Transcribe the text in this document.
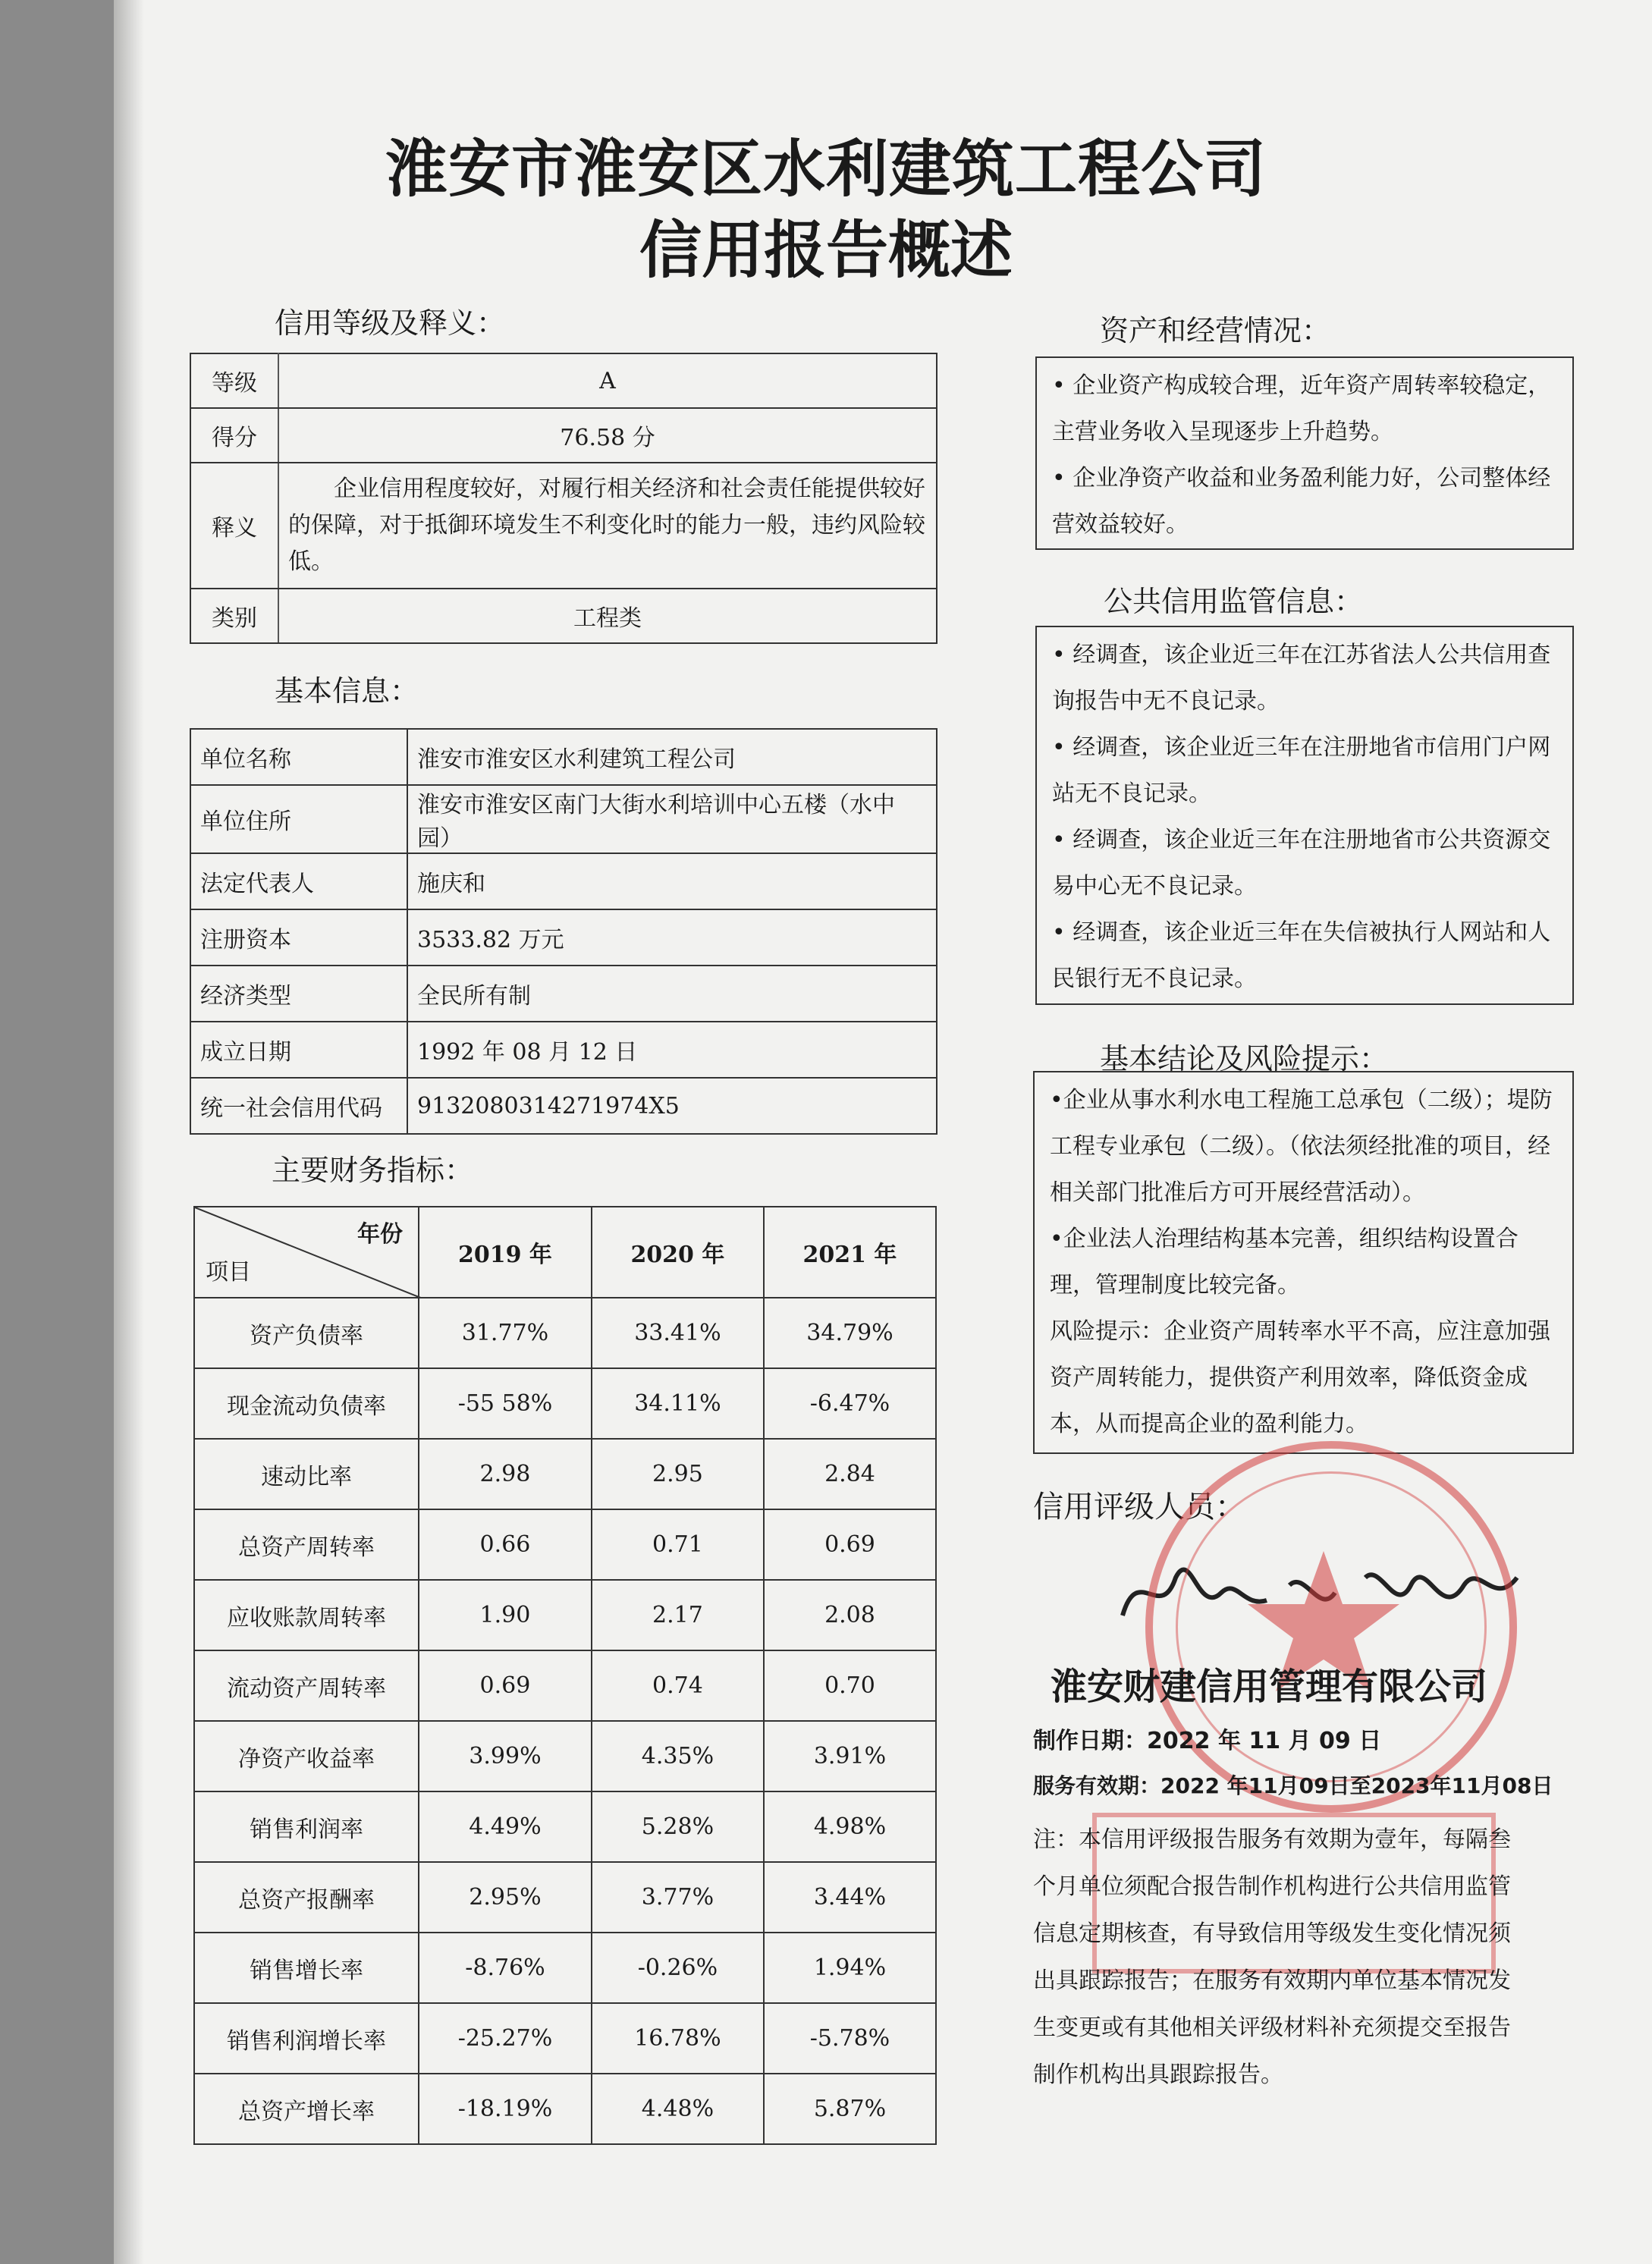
淮安市淮安区水利建筑工程公司
信用报告概述
信用等级及释义：
等级	A
得分	76.58 分
释义	企业信用程度较好，对履行相关经济和社会责任能提供较好的保障，对于抵御环境发生不利变化时的能力一般，违约风险较低。
类别	工程类
基本信息：
单位名称	淮安市淮安区水利建筑工程公司
单位住所	淮安市淮安区南门大街水利培训中心五楼（水中园）
法定代表人	施庆和
注册资本	3533.82 万元
经济类型	全民所有制
成立日期	1992 年 08 月 12 日
统一社会信用代码	9132080314271974X5
主要财务指标：
年份
项目	2019 年	2020 年	2021 年
资产负债率	31.77%	33.41%	34.79%
现金流动负债率	-55 58%	34.11%	-6.47%
速动比率	2.98	2.95	2.84
总资产周转率	0.66	0.71	0.69
应收账款周转率	1.90	2.17	2.08
流动资产周转率	0.69	0.74	0.70
净资产收益率	3.99%	4.35%	3.91%
销售利润率	4.49%	5.28%	4.98%
总资产报酬率	2.95%	3.77%	3.44%
销售增长率	-8.76%	-0.26%	1.94%
销售利润增长率	-25.27%	16.78%	-5.78%
总资产增长率	-18.19%	4.48%	5.87%
资产和经营情况：

• 企业资产构成较合理，近年资产周转率较稳定，主营业务收入呈现逐步上升趋势。

• 企业净资产收益和业务盈利能力好，公司整体经营效益较好。

公共信用监管信息：

• 经调查，该企业近三年在江苏省法人公共信用查询报告中无不良记录。

• 经调查，该企业近三年在注册地省市信用门户网站无不良记录。

• 经调查，该企业近三年在注册地省市公共资源交易中心无不良记录。

• 经调查，该企业近三年在失信被执行人网站和人民银行无不良记录。

基本结论及风险提示：

•企业从事水利水电工程施工总承包（二级）；堤防工程专业承包（二级）。（依法须经批准的项目，经相关部门批准后方可开展经营活动）。

•企业法人治理结构基本完善，组织结构设置合理，管理制度比较完备。

风险提示：企业资产周转率水平不高，应注意加强资产周转能力，提供资产利用效率，降低资金成本，从而提高企业的盈利能力。

信用评级人员：
淮安财建信用管理有限公司
制作日期：2022 年 11 月 09 日
服务有效期：2022 年11月09日至2023年11月08日
注：本信用评级报告服务有效期为壹年，每隔叁个月单位须配合报告制作机构进行公共信用监管信息定期核查，有导致信用等级发生变化情况须出具跟踪报告；在服务有效期内单位基本情况发生变更或有其他相关评级材料补充须提交至报告制作机构出具跟踪报告。
